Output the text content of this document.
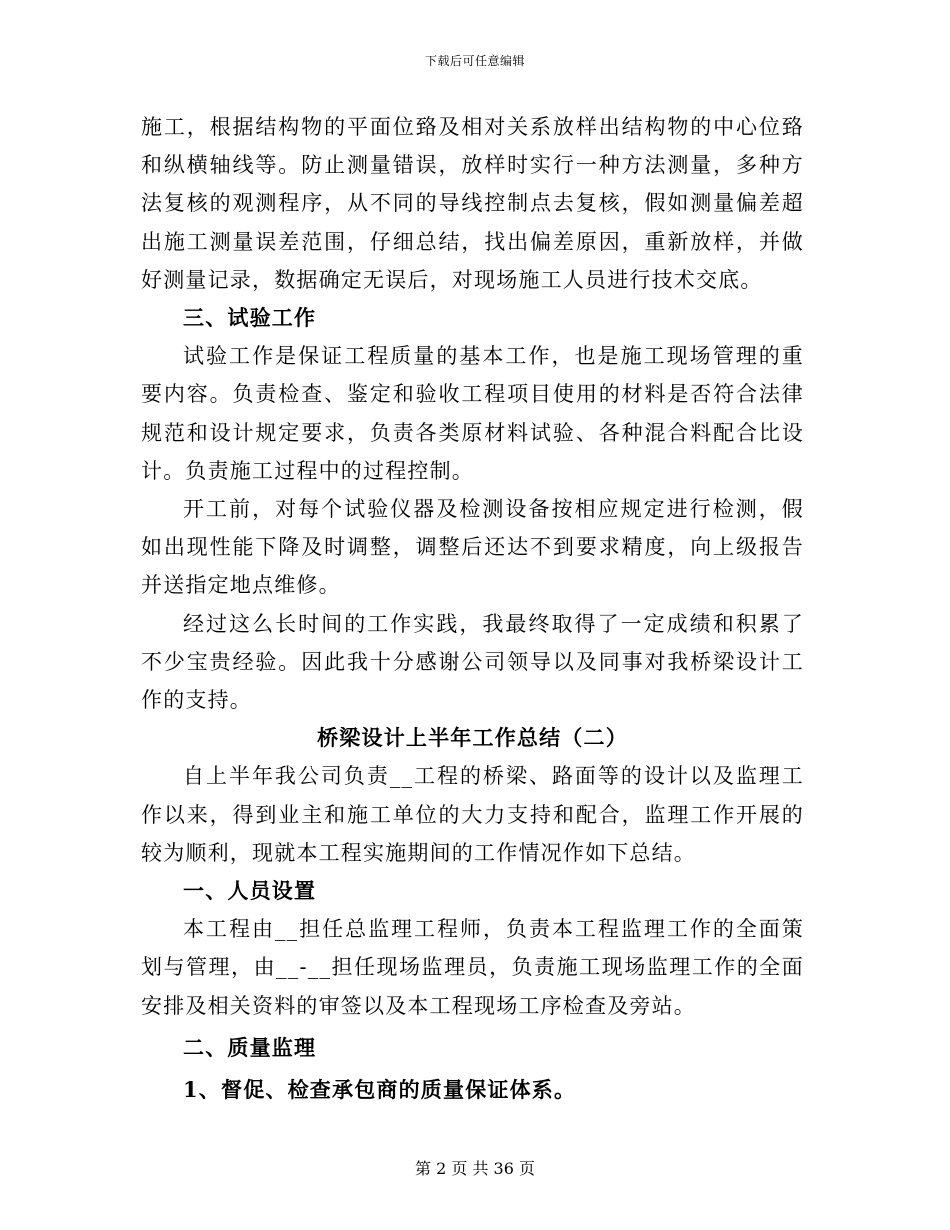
下载后可任意编辑

施工，根据结构物的平面位臵及相对关系放样出结构物的中心位臵和纵横轴线等。防止测量错误，放样时实行一种方法测量，多种方法复核的观测程序，从不同的导线控制点去复核，假如测量偏差超出施工测量误差范围，仔细总结，找出偏差原因，重新放样，并做好测量记录，数据确定无误后，对现场施工人员进行技术交底。

三、试验工作

试验工作是保证工程质量的基本工作，也是施工现场管理的重要内容。负责检查、鉴定和验收工程项目使用的材料是否符合法律规范和设计规定要求，负责各类原材料试验、各种混合料配合比设计。负责施工过程中的过程控制。

开工前，对每个试验仪器及检测设备按相应规定进行检测，假如出现性能下降及时调整，调整后还达不到要求精度，向上级报告并送指定地点维修。

经过这么长时间的工作实践，我最终取得了一定成绩和积累了不少宝贵经验。因此我十分感谢公司领导以及同事对我桥梁设计工作的支持。

桥梁设计上半年工作总结（二）

自上半年我公司负责__工程的桥梁、路面等的设计以及监理工作以来，得到业主和施工单位的大力支持和配合，监理工作开展的较为顺利，现就本工程实施期间的工作情况作如下总结。

一、人员设置

本工程由__担任总监理工程师，负责本工程监理工作的全面策划与管理，由__-__担任现场监理员，负责施工现场监理工作的全面安排及相关资料的审签以及本工程现场工序检查及旁站。

二、质量监理

1、督促、检查承包商的质量保证体系。

第 2 页 共 36 页
